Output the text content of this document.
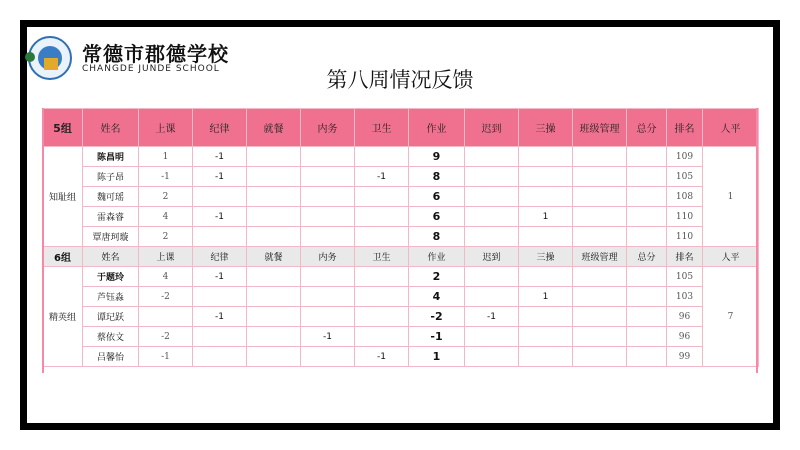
常德市郡德学校
CHANGDE JUNDE SCHOOL	第八周情况反馈
5组	姓名	上课	纪律	就餐	内务	卫生	作业	迟到	三操	班级管理	总分	排名	人平	
知耻组	陈昌明	1	-1				9					109	1	
	陈子昂	-1	-1			-1	8					105		
	魏可瑶	2					6					108		
	雷森睿	4	-1				6		1			110		
	覃唐珂璇	2					8					110		
6组	姓名	上课	纪律	就餐	内务	卫生	作业	迟到	三操	班级管理	总分	排名	人平	
精英组	于题玲	4	-1				2					105	7	
	芦钰淼	-2					4		1			103		
	谭玘跃		-1				-2	-1				96		
	蔡依文	-2			-1		-1					96		
	吕馨怡	-1				-1	1					99		
